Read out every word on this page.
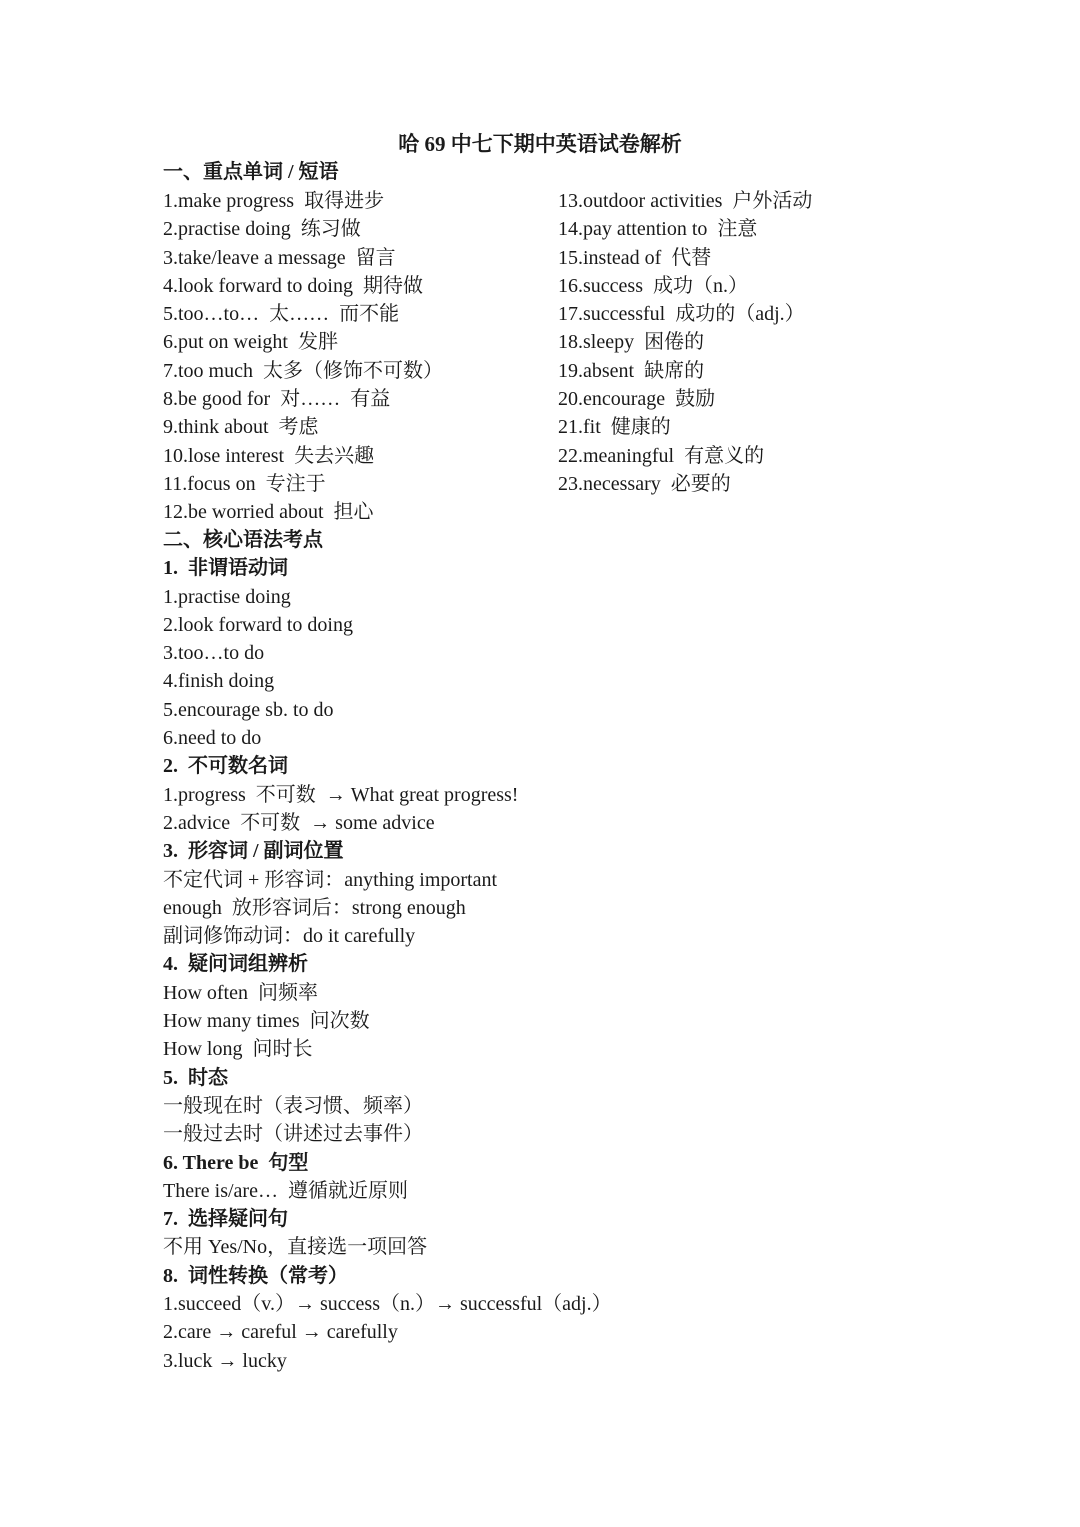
哈 69 中七下期中英语试卷解析
一、重点单词 / 短语
1.make progress  取得进步
2.practise doing  练习做
3.take/leave a message  留言
4.look forward to doing  期待做
5.too…to…  太……  而不能
6.put on weight  发胖
7.too much  太多（修饰不可数）
8.be good for  对……  有益
9.think about  考虑
10.lose interest  失去兴趣
11.focus on  专注于
12.be worried about  担心
13.outdoor activities  户外活动
14.pay attention to  注意
15.instead of  代替
16.success  成功（n.）
17.successful  成功的（adj.）
18.sleepy  困倦的
19.absent  缺席的
20.encourage  鼓励
21.fit  健康的
22.meaningful  有意义的
23.necessary  必要的
二、核心语法考点
1.  非谓语动词
1.practise doing
2.look forward to doing
3.too…to do
4.finish doing
5.encourage sb. to do
6.need to do
2.  不可数名词
1.progress  不可数  → What great progress!
2.advice  不可数  → some advice
3.  形容词 / 副词位置
不定代词 + 形容词：anything important
enough  放形容词后：strong enough
副词修饰动词：do it carefully
4.  疑问词组辨析
How often  问频率
How many times  问次数
How long  问时长
5.  时态
一般现在时（表习惯、频率）
一般过去时（讲述过去事件）
6. There be  句型
There is/are…  遵循就近原则
7.  选择疑问句
不用 Yes/No，直接选一项回答
8.  词性转换（常考）
1.succeed（v.）→ success（n.）→ successful（adj.）
2.care → careful → carefully
3.luck → lucky
